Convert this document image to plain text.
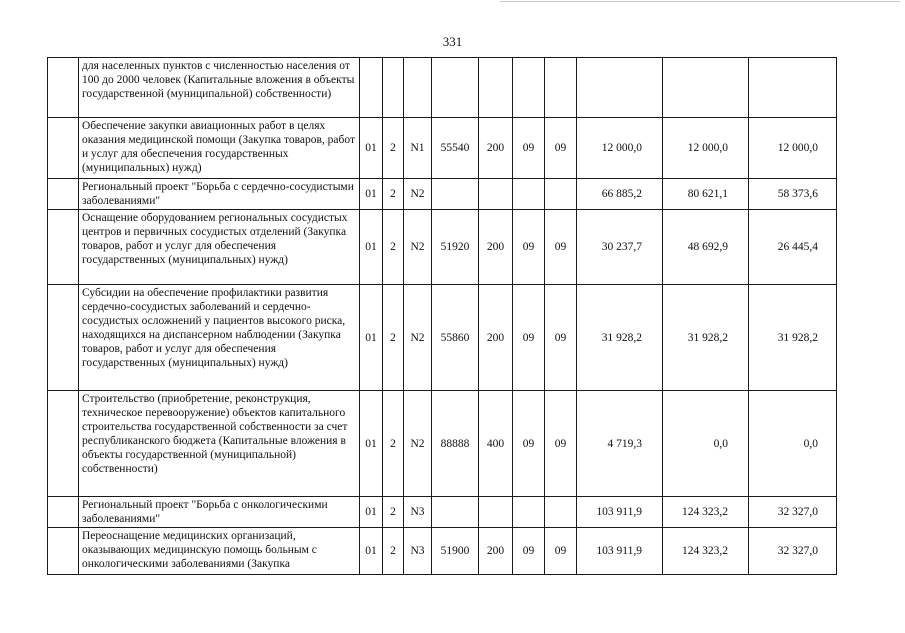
331
	для населенных пунктов с численностью населения от 100 до 2000 человек (Капитальные вложения в объекты государственной (муниципальной) собственности)										
	Обеспечение закупки авиационных работ в целях оказания медицинской помощи (Закупка товаров, работ и услуг для обеспечения государственных (муниципальных) нужд)	01	2	N1	55540	200	09	09	12 000,0	12 000,0	12 000,0
	Региональный проект "Борьба с сердечно-сосудистыми заболеваниями"	01	2	N2					66 885,2	80 621,1	58 373,6
	Оснащение оборудованием региональных сосудистых центров и первичных сосудистых отделений (Закупка товаров, работ и услуг для обеспечения государственных (муниципальных) нужд)	01	2	N2	51920	200	09	09	30 237,7	48 692,9	26 445,4
	Субсидии на обеспечение профилактики развития сердечно-сосудистых заболеваний и сердечно-сосудистых осложнений у пациентов высокого риска, находящихся на диспансерном наблюдении (Закупка товаров, работ и услуг для обеспечения государственных (муниципальных) нужд)	01	2	N2	55860	200	09	09	31 928,2	31 928,2	31 928,2
	Строительство (приобретение, реконструкция, техническое перевооружение) объектов капитального строительства государственной собственности за счет республиканского бюджета (Капитальные вложения в объекты государственной (муниципальной) собственности)	01	2	N2	88888	400	09	09	4 719,3	0,0	0,0
	Региональный проект "Борьба с онкологическими заболеваниями"	01	2	N3					103 911,9	124 323,2	32 327,0
	Переоснащение медицинских организаций, оказывающих медицинскую помощь больным с онкологическими заболеваниями (Закупка	01	2	N3	51900	200	09	09	103 911,9	124 323,2	32 327,0
